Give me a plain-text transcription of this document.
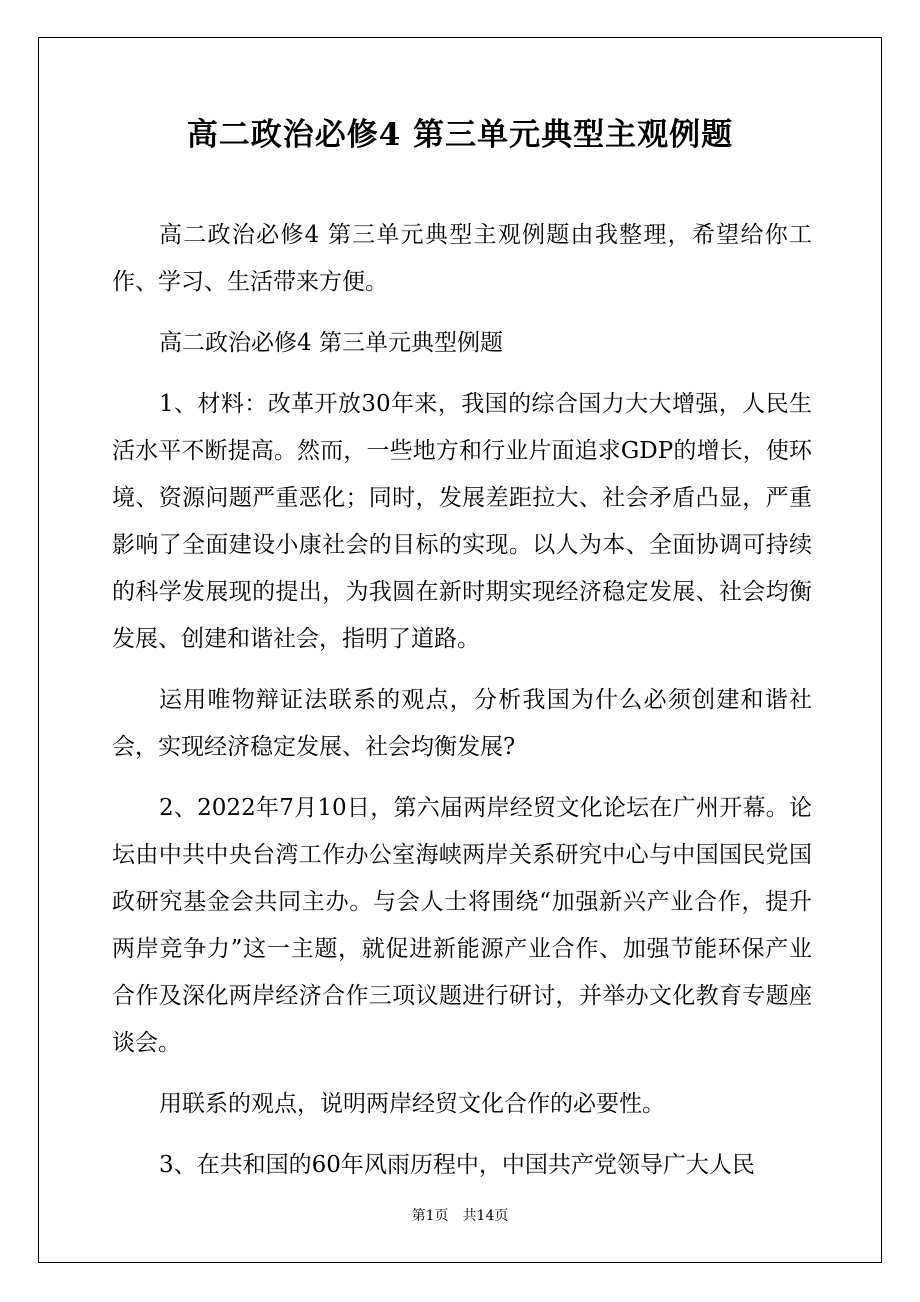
高二政治必修4 第三单元典型主观例题

高二政治必修4 第三单元典型主观例题由我整理，希望给你工作、学习、生活带来方便。

高二政治必修4 第三单元典型例题

1、材料：改革开放30年来，我国的综合国力大大增强，人民生活水平不断提高。然而，一些地方和行业片面追求GDP的增长，使环境、资源问题严重恶化；同时，发展差距拉大、社会矛盾凸显，严重影响了全面建设小康社会的目标的实现。以人为本、全面协调可持续的科学发展现的提出，为我圆在新时期实现经济稳定发展、社会均衡发展、创建和谐社会，指明了道路。

运用唯物辩证法联系的观点，分析我国为什么必须创建和谐社会，实现经济稳定发展、社会均衡发展?

2、2022年7月10日，第六届两岸经贸文化论坛在广州开幕。论坛由中共中央台湾工作办公室海峡两岸关系研究中心与中国国民党国政研究基金会共同主办。与会人士将围绕“加强新兴产业合作，提升两岸竞争力”这一主题，就促进新能源产业合作、加强节能环保产业合作及深化两岸经济合作三项议题进行研讨，并举办文化教育专题座谈会。

用联系的观点，说明两岸经贸文化合作的必要性。

3、在共和国的60年风雨历程中，中国共产党领导广大人民

第1页 共14页
